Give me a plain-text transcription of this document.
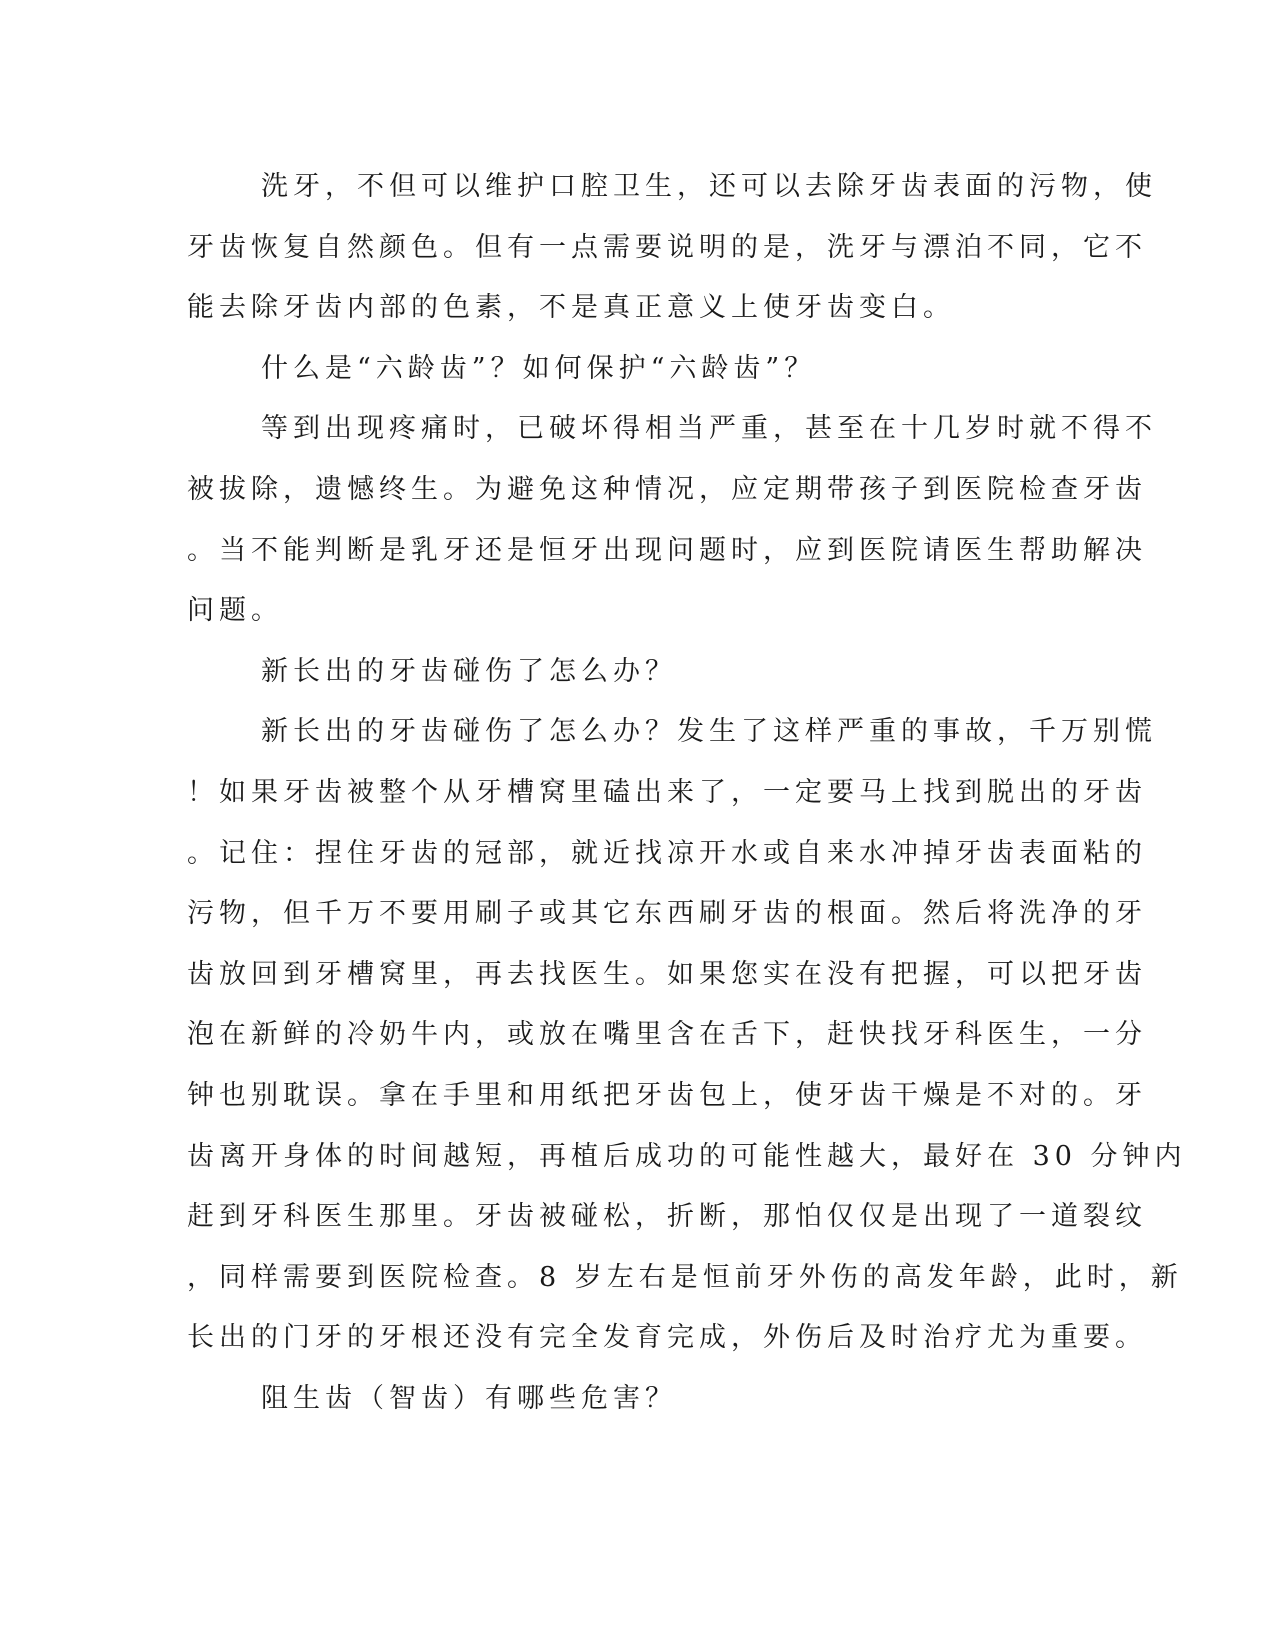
洗牙，不但可以维护口腔卫生，还可以去除牙齿表面的污物，使
牙齿恢复自然颜色。但有一点需要说明的是，洗牙与漂泊不同，它不
能去除牙齿内部的色素，不是真正意义上使牙齿变白。
什么是“六龄齿”？如何保护“六龄齿”？
等到出现疼痛时，已破坏得相当严重，甚至在十几岁时就不得不
被拔除，遗憾终生。为避免这种情况，应定期带孩子到医院检查牙齿
。当不能判断是乳牙还是恒牙出现问题时，应到医院请医生帮助解决
问题。
新长出的牙齿碰伤了怎么办？
新长出的牙齿碰伤了怎么办？发生了这样严重的事故，千万别慌
！如果牙齿被整个从牙槽窝里磕出来了，一定要马上找到脱出的牙齿
。记住：捏住牙齿的冠部，就近找凉开水或自来水冲掉牙齿表面粘的
污物，但千万不要用刷子或其它东西刷牙齿的根面。然后将洗净的牙
齿放回到牙槽窝里，再去找医生。如果您实在没有把握，可以把牙齿
泡在新鲜的冷奶牛内，或放在嘴里含在舌下，赶快找牙科医生，一分
钟也别耽误。拿在手里和用纸把牙齿包上，使牙齿干燥是不对的。牙
齿离开身体的时间越短，再植后成功的可能性越大，最好在 30 分钟内
赶到牙科医生那里。牙齿被碰松，折断，那怕仅仅是出现了一道裂纹
，同样需要到医院检查。8 岁左右是恒前牙外伤的高发年龄，此时，新
长出的门牙的牙根还没有完全发育完成，外伤后及时治疗尤为重要。
阻生齿（智齿）有哪些危害？
